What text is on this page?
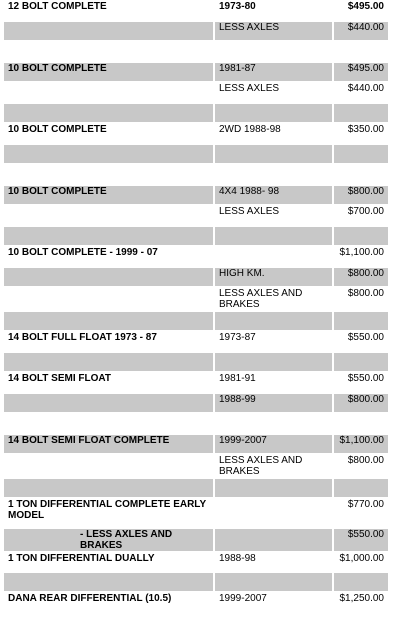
12 BOLT COMPLETE	1973-80	$495.00
	LESS AXLES	$440.00

10 BOLT COMPLETE	1981-87	$495.00
	LESS AXLES	$440.00

10 BOLT COMPLETE	2WD 1988-98	$350.00

10 BOLT COMPLETE	4X4 1988- 98	$800.00
	LESS AXLES	$700.00

10 BOLT COMPLETE - 1999 - 07		$1,100.00
	HIGH KM.	$800.00
	LESS AXLES AND BRAKES	$800.00

14 BOLT FULL FLOAT 1973 - 87	1973-87	$550.00

14 BOLT SEMI FLOAT	1981-91	$550.00
	1988-99	$800.00

14 BOLT SEMI FLOAT COMPLETE	1999-2007	$1,100.00
	LESS AXLES AND BRAKES	$800.00

1 TON DIFFERENTIAL COMPLETE EARLY MODEL		$770.00
- LESS AXLES AND BRAKES		$550.00
1 TON DIFFERENTIAL DUALLY	1988-98	$1,000.00

DANA REAR DIFFERENTIAL (10.5)	1999-2007	$1,250.00
